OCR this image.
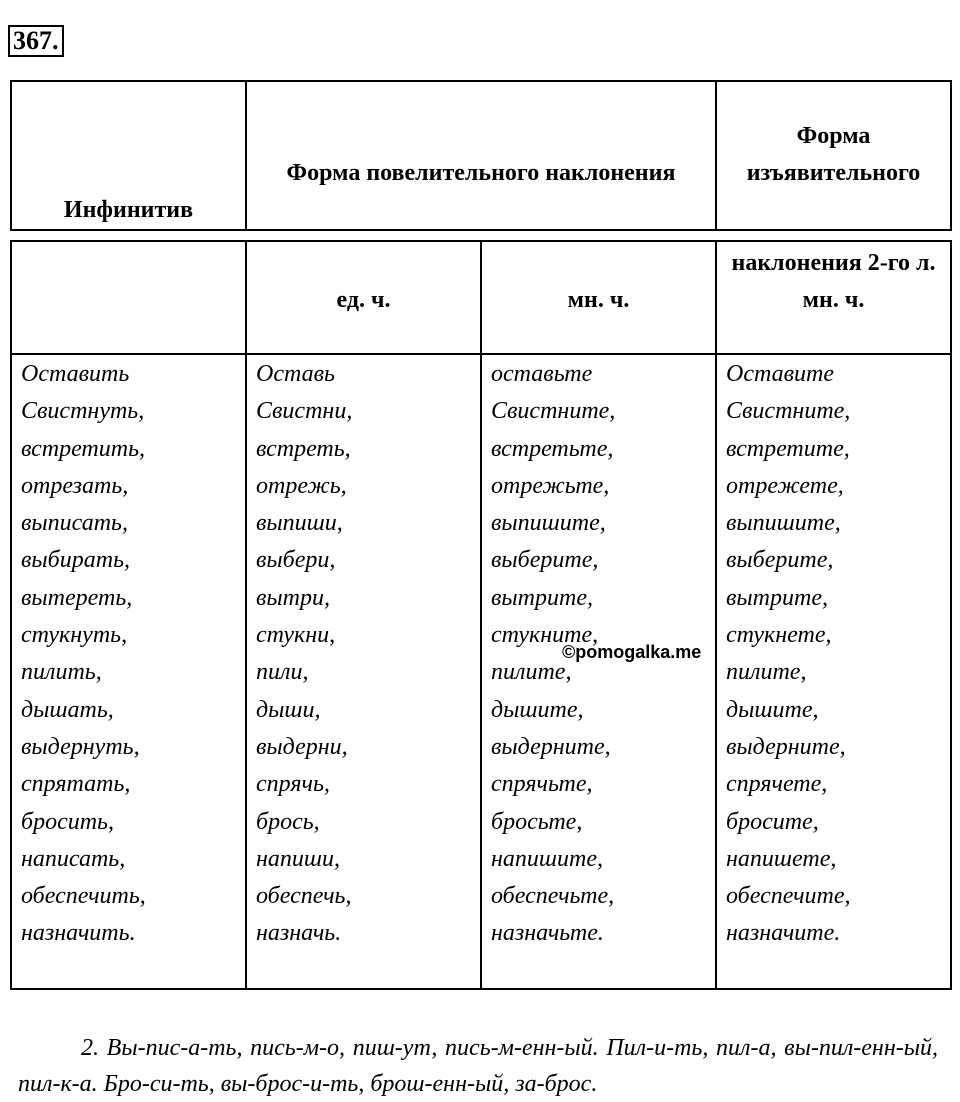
367.
Инфинитив
Форма повелительного наклонения
Форма изъявительного
ед. ч.	мн. ч.
наклонения 2-го л. мн. ч.
Оставить
Свистнуть,
встретить,
отрезать,
выписать,
выбирать,
вытереть,
стукнуть,
пилить,
дышать,
выдернуть,
спрятать,
бросить,
написать,
обеспечить,
назначить.
Оставь
Свистни,
встреть,
отрежь,
выпиши,
выбери,
вытри,
стукни,
пили,
дыши,
выдерни,
спрячь,
брось,
напиши,
обеспечь,
назначь.
оставьте
Свистните,
встретьте,
отрежьте,
выпишите,
выберите,
вытрите,
стукните,
пилите,
дышите,
выдерните,
спрячьте,
бросьте,
напишите,
обеспечьте,
назначьте.
Оставите
Свистните,
встретите,
отрежете,
выпишите,
выберите,
вытрите,
стукнете,
пилите,
дышите,
выдерните,
спрячете,
бросите,
напишете,
обеспечите,
назначите.
©pomogalka.me
2. Вы-пис-а-ть, пись-м-о, пиш-ут, пись-м-енн-ый. Пил-и-ть, пил-а, вы-пил-енн-ый, пил-к-а. Бро-си-ть, вы-брос-и-ть, брош-енн-ый, за-брос.
